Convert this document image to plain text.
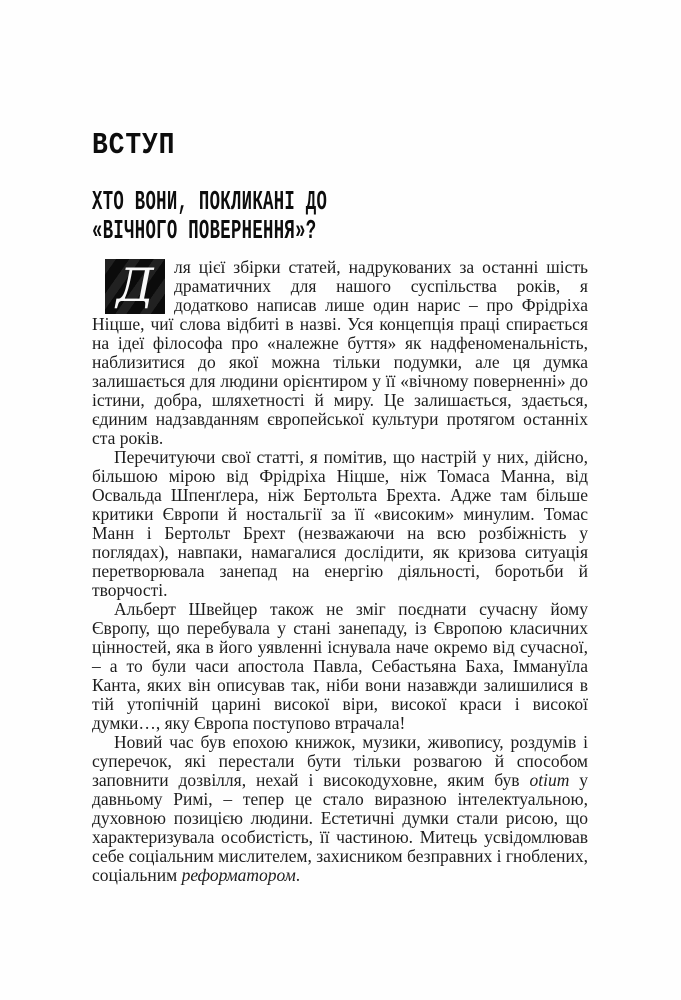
ВСТУП
ХТО ВОНИ, ПОКЛИКАНІ ДО
«ВІЧНОГО ПОВЕРНЕННЯ»?

Д	ля цієї збірки статей, надрукованих за останні шість драматичних для нашого суспільства років, я додатково написав лише один нарис – про Фрідріха Ніцше, чиї слова відбиті в назві. Уся концепція праці спирається на ідеї філософа про «належне буття» як надфеноменальність, наблизитися до якої можна тільки подумки, але ця думка залишається для людини орієнтиром у її «вічному поверненні» до істини, добра, шляхетності й миру. Це залишається, здається, єдиним надзавданням європейської культури протягом останніх ста років.

Перечитуючи свої статті, я помітив, що настрій у них, дійсно, більшою мірою від Фрідріха Ніцше, ніж Томаса Манна, від Освальда Шпенґлера, ніж Бертольта Брехта. Адже там більше критики Європи й ностальгії за її «високим» минулим. Томас Манн і Бертольт Брехт (незважаючи на всю розбіжність у поглядах), навпаки, намагалися дослідити, як кризова ситуація перетворювала занепад на енергію діяльності, боротьби й творчості.

Альберт Швейцер також не зміг поєднати сучасну йому Європу, що перебувала у стані занепаду, із Європою класичних цінностей, яка в його уявленні існувала наче окремо від сучасної, – а то були часи апостола Павла, Себастьяна Баха, Іммануїла Канта, яких він описував так, ніби вони назавжди залишилися в тій утопічній царині високої віри, високої краси і високої думки…, яку Європа поступово втрачала!

Новий час був епохою книжок, музики, живопису, роздумів і суперечок, які перестали бути тільки розвагою й способом заповнити дозвілля, нехай і високодуховне, яким був otium у давньому Римі, – тепер це стало виразною інтелектуальною, духовною позицією людини. Естетичні думки стали рисою, що характеризувала особистість, її частиною. Митець усвідомлював себе соціальним мислителем, захисником безправних і гноблених, соціальним реформатором.
